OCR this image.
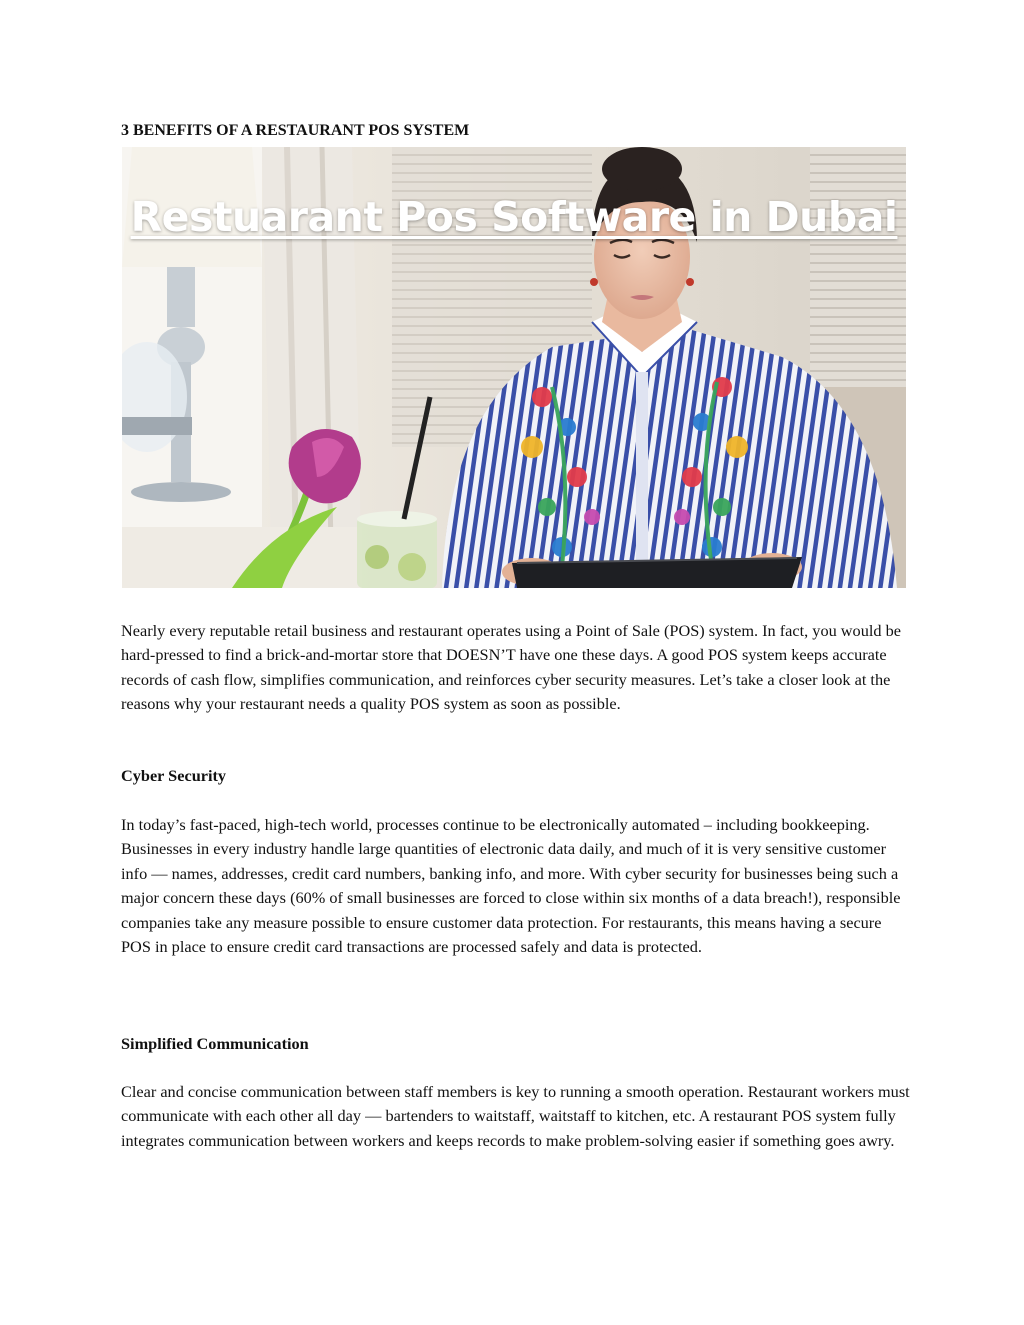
3 BENEFITS OF A RESTAURANT POS SYSTEM
Restuarant Pos Software in Dubai

Nearly every reputable retail business and restaurant operates using a Point of Sale (POS) system. In fact, you would be hard-pressed to find a brick-and-mortar store that DOESN’T have one these days. A good POS system keeps accurate records of cash flow, simplifies communication, and reinforces cyber security measures. Let’s take a closer look at the reasons why your restaurant needs a quality POS system as soon as possible.

Cyber Security

In today’s fast-paced, high-tech world, processes continue to be electronically automated – including bookkeeping. Businesses in every industry handle large quantities of electronic data daily, and much of it is very sensitive customer info — names, addresses, credit card numbers, banking info, and more. With cyber security for businesses being such a major concern these days (60% of small businesses are forced to close within six months of a data breach!), responsible companies take any measure possible to ensure customer data protection. For restaurants, this means having a secure POS in place to ensure credit card transactions are processed safely and data is protected.

Simplified Communication

Clear and concise communication between staff members is key to running a smooth operation. Restaurant workers must communicate with each other all day — bartenders to waitstaff, waitstaff to kitchen, etc. A restaurant POS system fully integrates communication between workers and keeps records to make problem-solving easier if something goes awry.
